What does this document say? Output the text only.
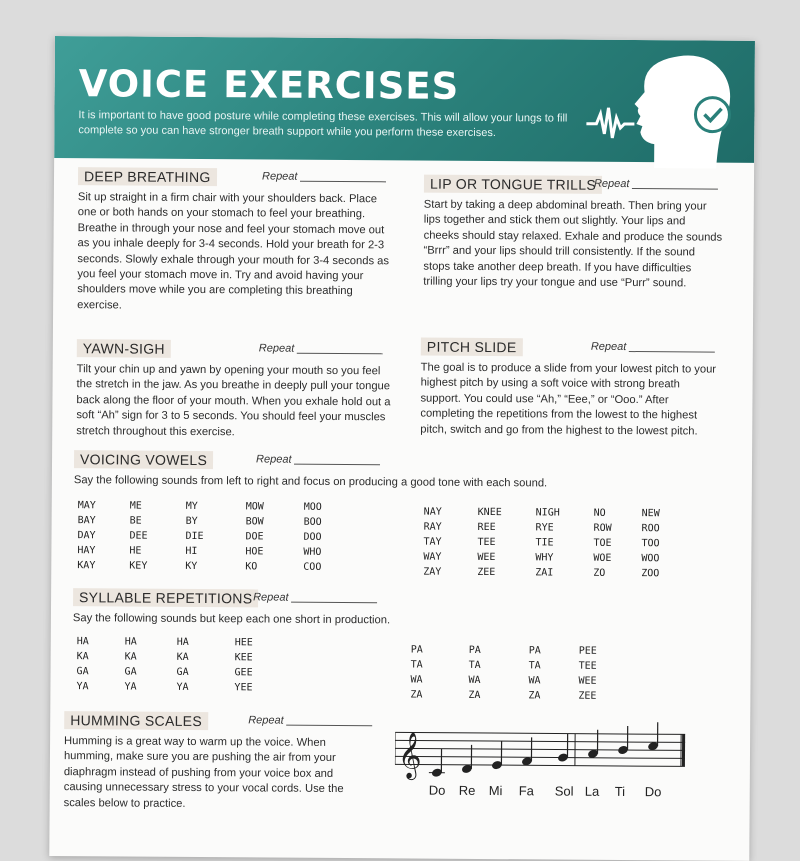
VOICE EXERCISES
It is important to have good posture while completing these exercises. This will allow your lungs to fill complete so you can have stronger breath support while you perform these exercises.
DEEP BREATHING	Repeat

Sit up straight in a firm chair with your shoulders back. Place one or both hands on your stomach to feel your breathing. Breathe in through your nose and feel your stomach move out as you inhale deeply for 3-4 seconds. Hold your breath for 2-3 seconds. Slowly exhale through your mouth for 3-4 seconds as you feel your stomach move in. Try and avoid having your shoulders move while you are completing this breathing exercise.

LIP OR TONGUE TRILLS
Repeat

Start by taking a deep abdominal breath. Then bring your lips together and stick them out slightly. Your lips and cheeks should stay relaxed. Exhale and produce the sounds “Brrr” and your lips should trill consistently. If the sound stops take another deep breath. If you have difficulties trilling your lips try your tongue and use “Purr” sound.

YAWN-SIGH	Repeat

Tilt your chin up and yawn by opening your mouth so you feel the stretch in the jaw. As you breathe in deeply pull your tongue back along the floor of your mouth. When you exhale hold out a soft “Ah” sign for 3 to 5 seconds. You should feel your muscles stretch throughout this exercise.

PITCH SLIDE	Repeat

The goal is to produce a slide from your lowest pitch to your highest pitch by using a soft voice with strong breath support. You could use “Ah,” “Eee,” or “Ooo.” After completing the repetitions from the lowest to the highest pitch, switch and go from the highest to the lowest pitch.

VOICING VOWELS	Repeat

Say the following sounds from left to right and focus on producing a good tone with each sound.

MAY	ME	MY	MOW	MOO
BAY	BE	BY	BOW	BOO
DAY	DEE	DIE	DOE	DOO
HAY	HE	HI	HOE	WHO
KAY	KEY	KY	KO	COO
NAY	KNEE	NIGH	NO	NEW
RAY	REE	RYE	ROW	ROO
TAY	TEE	TIE	TOE	TOO
WAY	WEE	WHY	WOE	WOO
ZAY	ZEE	ZAI	ZO	ZOO
SYLLABLE REPETITIONS Repeat

Say the following sounds but keep each one short in production.

HA	HA	HA	HEE
KA	KA	KA	KEE
GA	GA	GA	GEE
YA	YA	YA	YEE
PA	PA	PA	PEE
TA	TA	TA	TEE
WA	WA	WA	WEE
ZA	ZA	ZA	ZEE
HUMMING SCALES	Repeat

Humming is a great way to warm up the voice. When humming, make sure you are pushing the air from your diaphragm instead of pushing from your voice box and causing unnecessary stress to your vocal cords. Use the scales below to practice.

𝄞
Do Re Mi Fa Sol La Ti Do
